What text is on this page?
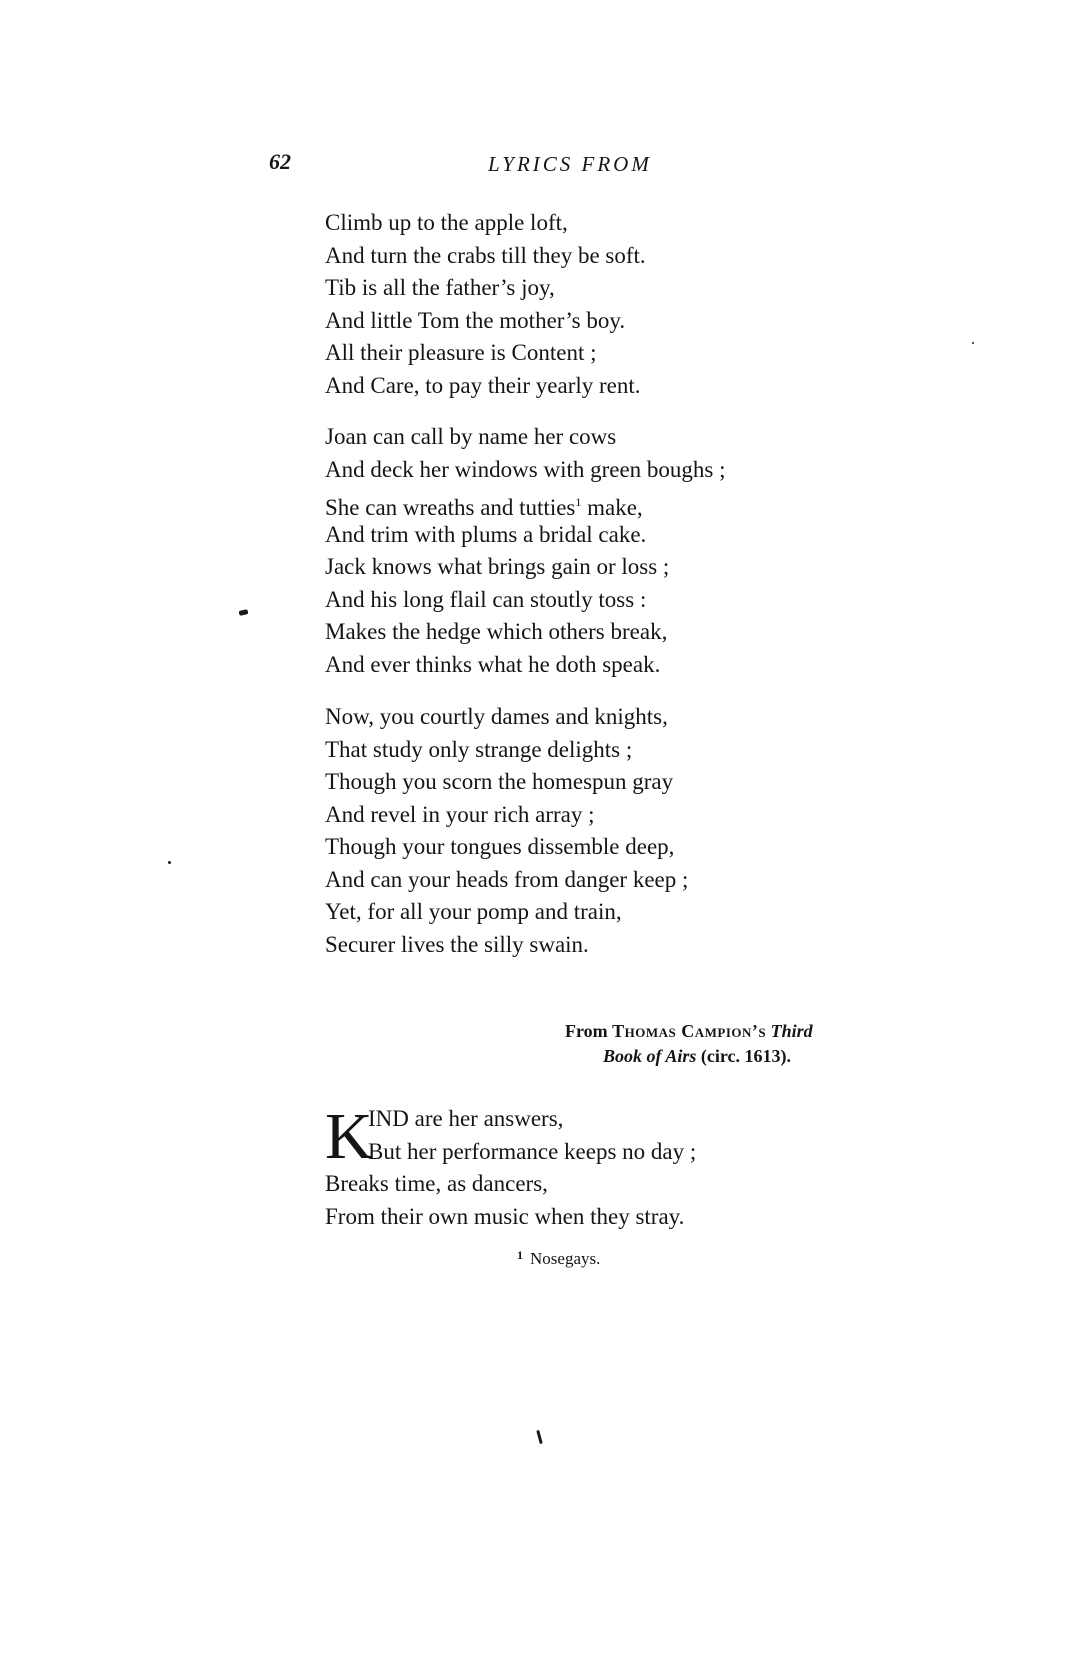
62	LYRICS FROM
Climb up to the apple loft,
And turn the crabs till they be soft.
Tib is all the father’s joy,
And little Tom the mother’s boy.
All their pleasure is Content ;
And Care, to pay their yearly rent.
Joan can call by name her cows
And deck her windows with green boughs ;
She can wreaths and tutties$^1$ make,
And trim with plums a bridal cake.
Jack knows what brings gain or loss ;
And his long flail can stoutly toss :
Makes the hedge which others break,
And ever thinks what he doth speak.
Now, you courtly dames and knights,
That study only strange delights ;
Though you scorn the homespun gray
And revel in your rich array ;
Though your tongues dissemble deep,
And can your heads from danger keep ;
Yet, for all your pomp and train,
Securer lives the silly swain.
From Thomas Campion’s Third
Book of Airs (circ. 1613).
K
IND are her answers,
But her performance keeps no day ;
Breaks time, as dancers,
From their own music when they stray.
$^1$ Nosegays.
